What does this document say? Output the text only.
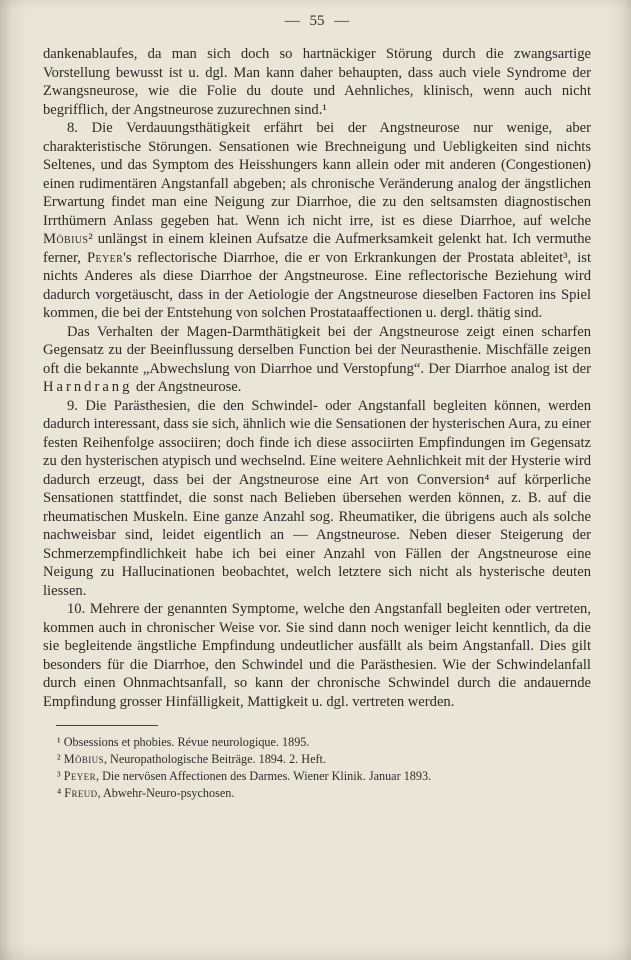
— 55 —

dankenablaufes, da man sich doch so hartnäckiger Störung durch die zwangsartige Vorstellung bewusst ist u. dgl. Man kann daher behaupten, dass auch viele Syndrome der Zwangsneurose, wie die Folie du doute und Aehnliches, klinisch, wenn auch nicht begrifflich, der Angstneurose zuzurechnen sind.¹

8. Die Verdauungsthätigkeit erfährt bei der Angstneurose nur wenige, aber charakteristische Störungen. Sensationen wie Brechneigung und Uebligkeiten sind nichts Seltenes, und das Symptom des Heisshungers kann allein oder mit anderen (Congestionen) einen rudimentären Angstanfall abgeben; als chronische Veränderung analog der ängstlichen Erwartung findet man eine Neigung zur Diarrhoe, die zu den seltsamsten diagnostischen Irrthümern Anlass gegeben hat. Wenn ich nicht irre, ist es diese Diarrhoe, auf welche Möbius² unlängst in einem kleinen Aufsatze die Aufmerksamkeit gelenkt hat. Ich vermuthe ferner, Peyer's reflectorische Diarrhoe, die er von Erkrankungen der Prostata ableitet³, ist nichts Anderes als diese Diarrhoe der Angstneurose. Eine reflectorische Beziehung wird dadurch vorgetäuscht, dass in der Aetiologie der Angstneurose dieselben Factoren ins Spiel kommen, die bei der Entstehung von solchen Prostataaffectionen u. dergl. thätig sind.

Das Verhalten der Magen-Darmthätigkeit bei der Angstneurose zeigt einen scharfen Gegensatz zu der Beeinflussung derselben Function bei der Neurasthenie. Mischfälle zeigen oft die bekannte „Abwechslung von Diarrhoe und Verstopfung“. Der Diarrhoe analog ist der Harndrang der Angstneurose.

9. Die Parästhesien, die den Schwindel- oder Angstanfall begleiten können, werden dadurch interessant, dass sie sich, ähnlich wie die Sensationen der hysterischen Aura, zu einer festen Reihenfolge associiren; doch finde ich diese associirten Empfindungen im Gegensatz zu den hysterischen atypisch und wechselnd. Eine weitere Aehnlichkeit mit der Hysterie wird dadurch erzeugt, dass bei der Angstneurose eine Art von Conversion⁴ auf körperliche Sensationen stattfindet, die sonst nach Belieben übersehen werden können, z. B. auf die rheumatischen Muskeln. Eine ganze Anzahl sog. Rheumatiker, die übrigens auch als solche nachweisbar sind, leidet eigentlich an — Angstneurose. Neben dieser Steigerung der Schmerzempfindlichkeit habe ich bei einer Anzahl von Fällen der Angstneurose eine Neigung zu Hallucinationen beobachtet, welch letztere sich nicht als hysterische deuten liessen.

10. Mehrere der genannten Symptome, welche den Angstanfall begleiten oder vertreten, kommen auch in chronischer Weise vor. Sie sind dann noch weniger leicht kenntlich, da die sie begleitende ängstliche Empfindung undeutlicher ausfällt als beim Angstanfall. Dies gilt besonders für die Diarrhoe, den Schwindel und die Parästhesien. Wie der Schwindelanfall durch einen Ohnmachtsanfall, so kann der chronische Schwindel durch die andauernde Empfindung grosser Hinfälligkeit, Mattigkeit u. dgl. vertreten werden.

¹ Obsessions et phobies. Révue neurologique. 1895.

² Möbius, Neuropathologische Beiträge. 1894. 2. Heft.

³ Peyer, Die nervösen Affectionen des Darmes. Wiener Klinik. Januar 1893.

⁴ Freud, Abwehr-Neuro-psychosen.
